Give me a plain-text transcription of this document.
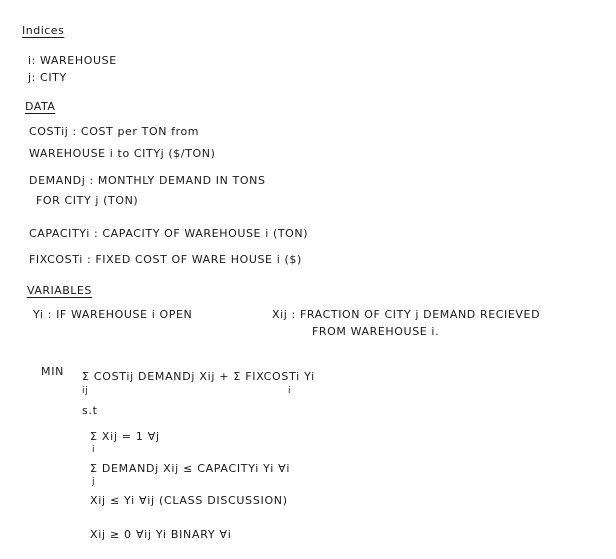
Indices
i: WAREHOUSE
j: CITY
DATA
COSTij : COST per TON from
WAREHOUSE i to CITYj ($/TON)
DEMANDj : MONTHLY DEMAND IN TONS
FOR CITY j (TON)
CAPACITYi : CAPACITY OF WAREHOUSE i (TON)
FIXCOSTi : FIXED COST OF WARE HOUSE i ($)
VARIABLES
Yi : IF WAREHOUSE i OPEN	Xij : FRACTION OF CITY j DEMAND RECIEVED
FROM WAREHOUSE i.
MIN Σ COSTij DEMANDj Xij + Σ FIXCOSTi Yi
ij	i
s.t
Σ Xij = 1 ∀j
i
Σ DEMANDj Xij ≤ CAPACITYi Yi ∀i
j
Xij ≤ Yi ∀ij (CLASS DISCUSSION)
Xij ≥ 0 ∀ij Yi BINARY ∀i
